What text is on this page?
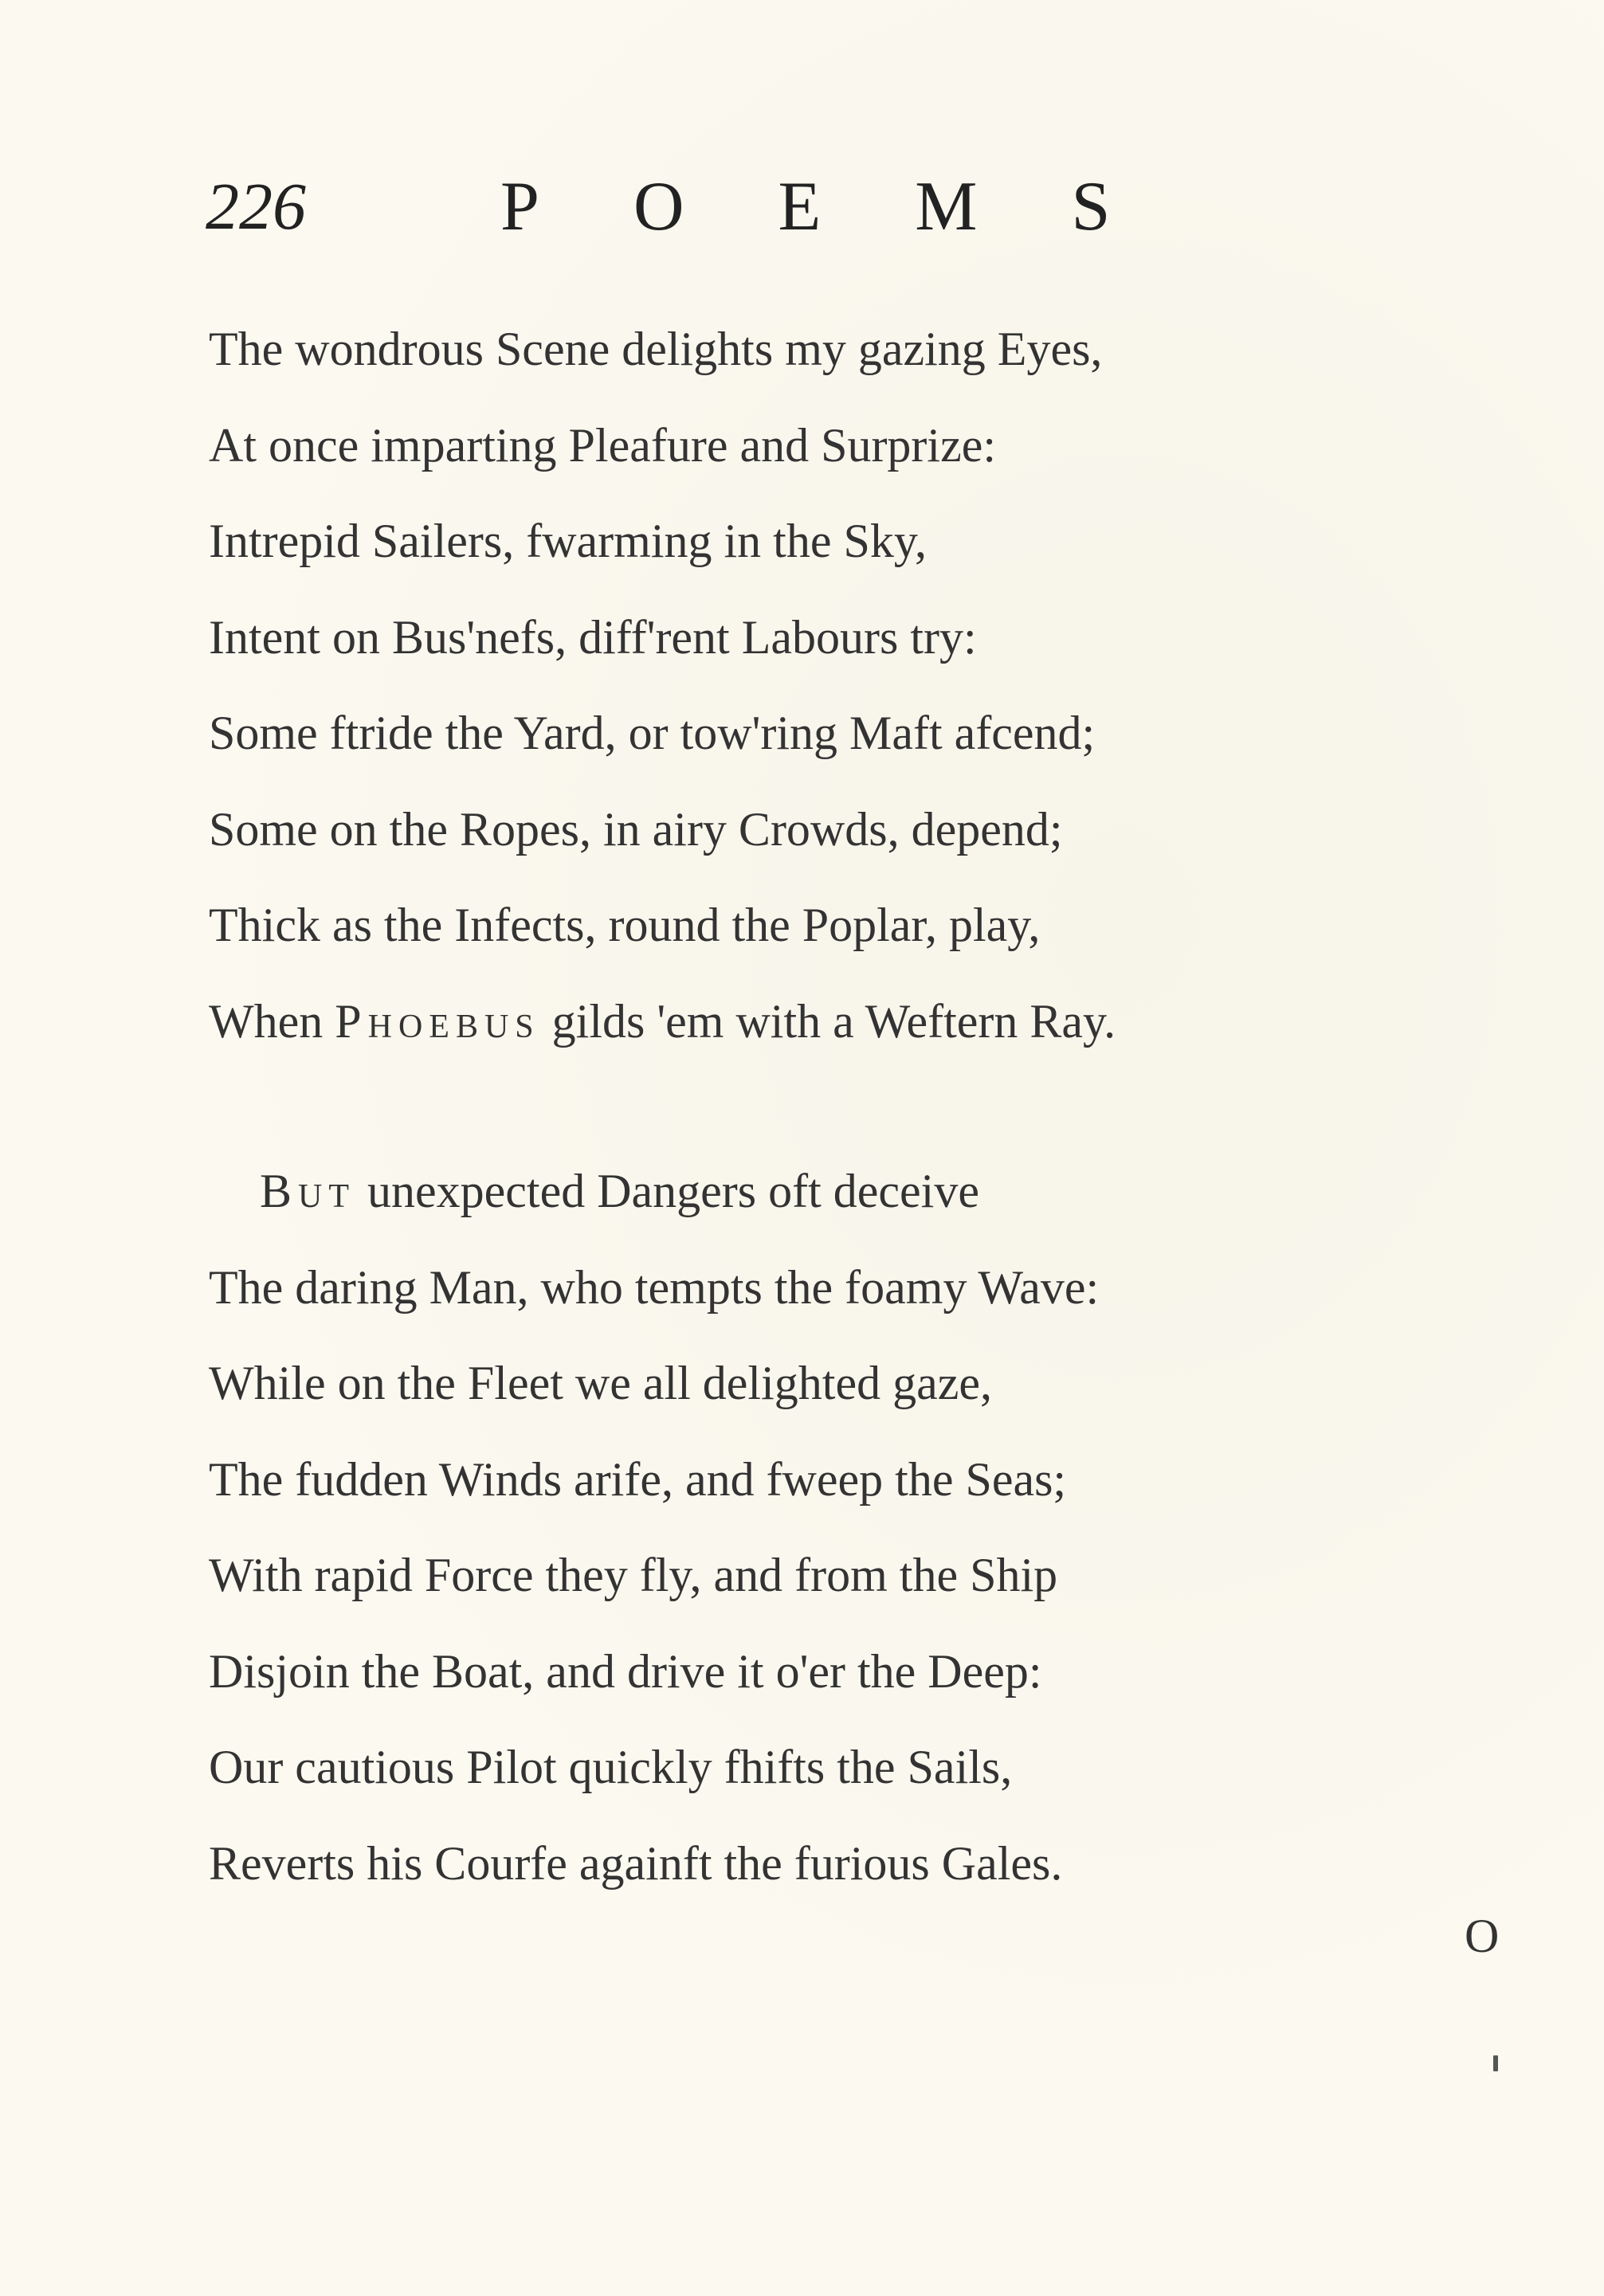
226	POEMS
The wondrous Scene delights my gazing Eyes,
At once imparting Pleafure and Surprize:
Intrepid Sailers, fwarming in the Sky,
Intent on Bus'nefs, diff'rent Labours try:
Some ftride the Yard, or tow'ring Maft afcend;
Some on the Ropes, in airy Crowds, depend;
Thick as the Infects, round the Poplar, play,
When Phoebus gilds 'em with a Weftern Ray.
But unexpected Dangers oft deceive
The daring Man, who tempts the foamy Wave:
While on the Fleet we all delighted gaze,
The fudden Winds arife, and fweep the Seas;
With rapid Force they fly, and from the Ship
Disjoin the Boat, and drive it o'er the Deep:
Our cautious Pilot quickly fhifts the Sails,
Reverts his Courfe againft the furious Gales.
O
